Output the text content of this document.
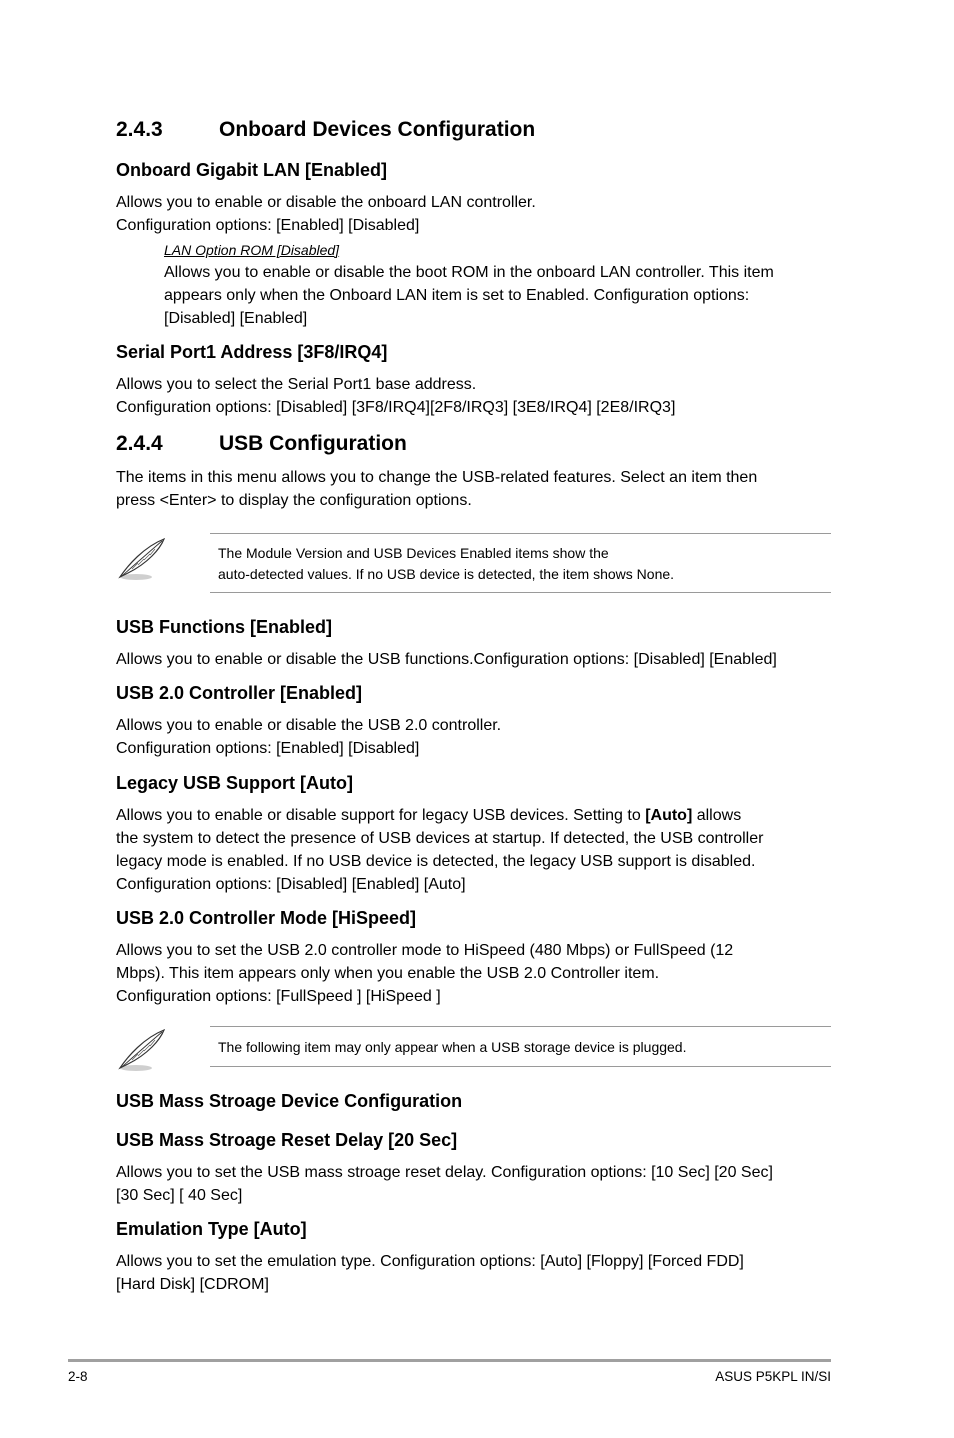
2.4.3	Onboard Devices Configuration
Onboard Gigabit LAN [Enabled]
Allows you to enable or disable the onboard LAN controller.
Configuration options: [Enabled] [Disabled]
LAN Option ROM [Disabled]
Allows you to enable or disable the boot ROM in the onboard LAN controller. This item
appears only when the Onboard LAN item is set to Enabled. Configuration options:
[Disabled] [Enabled]
Serial Port1 Address [3F8/IRQ4]
Allows you to select the Serial Port1 base address.
Configuration options: [Disabled] [3F8/IRQ4][2F8/IRQ3] [3E8/IRQ4] [2E8/IRQ3]
2.4.4	USB Configuration
The items in this menu allows you to change the USB-related features. Select an item then
press <Enter> to display the configuration options.
The Module Version and USB Devices Enabled items show the
auto-detected values. If no USB device is detected, the item shows None.
USB Functions [Enabled]
Allows you to enable or disable the USB functions.Configuration options: [Disabled] [Enabled]
USB 2.0 Controller [Enabled]
Allows you to enable or disable the USB 2.0 controller.
Configuration options: [Enabled] [Disabled]
Legacy USB Support [Auto]
Allows you to enable or disable support for legacy USB devices. Setting to [Auto] allows
the system to detect the presence of USB devices at startup. If detected, the USB controller
legacy mode is enabled. If no USB device is detected, the legacy USB support is disabled.
Configuration options: [Disabled] [Enabled] [Auto]
USB 2.0 Controller Mode [HiSpeed]
Allows you to set the USB 2.0 controller mode to HiSpeed (480 Mbps) or FullSpeed (12
Mbps). This item appears only when you enable the USB 2.0 Controller item.
Configuration options: [FullSpeed ] [HiSpeed ]
The following item may only appear when a USB storage device is plugged.
USB Mass Stroage Device Configuration
USB Mass Stroage Reset Delay [20 Sec]
Allows you to set the USB mass stroage reset delay. Configuration options: [10 Sec] [20 Sec]
[30 Sec] [ 40 Sec]
Emulation Type [Auto]
Allows you to set the emulation type. Configuration options: [Auto] [Floppy] [Forced FDD]
[Hard Disk] [CDROM]
2-8	ASUS P5KPL IN/SI
